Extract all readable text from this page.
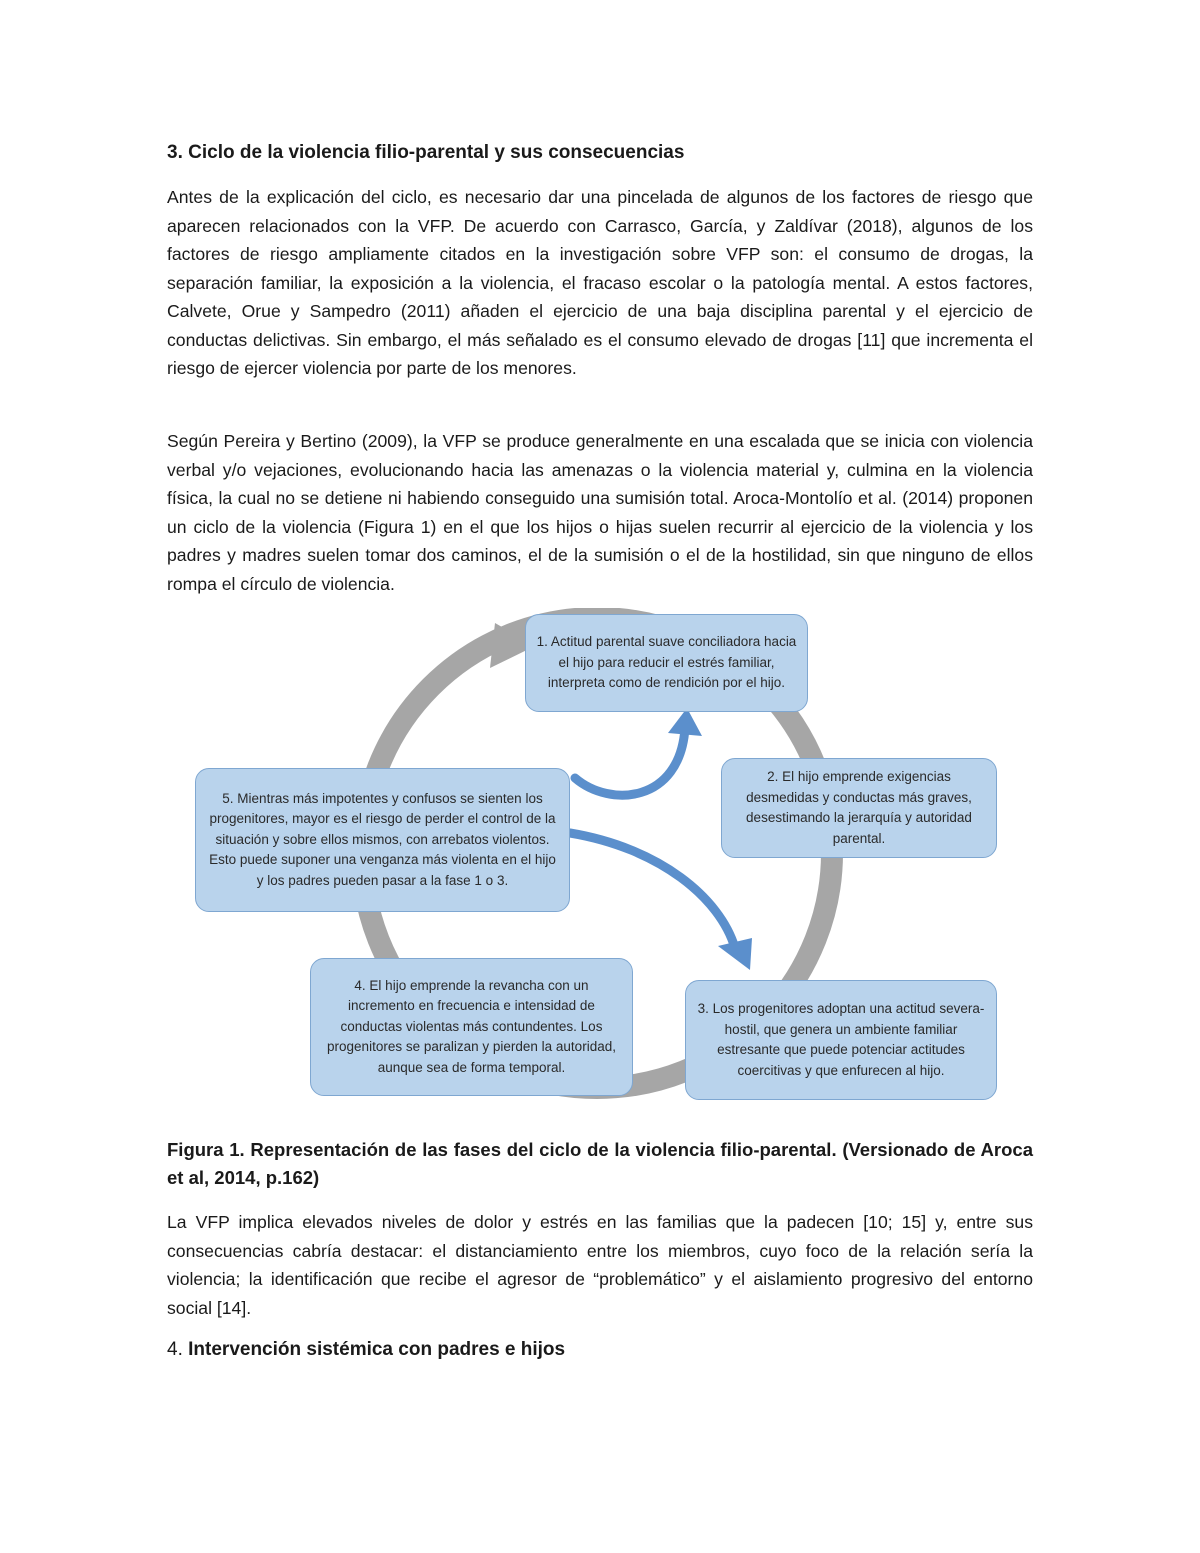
3. Ciclo de la violencia filio-parental y sus consecuencias

Antes de la explicación del ciclo, es necesario dar una pincelada de algunos de los factores de riesgo que aparecen relacionados con la VFP. De acuerdo con Carrasco, García, y Zaldívar (2018), algunos de los factores de riesgo ampliamente citados en la investigación sobre VFP son: el consumo de drogas, la separación familiar, la exposición a la violencia, el fracaso escolar o la patología mental. A estos factores, Calvete, Orue y Sampedro (2011) añaden el ejercicio de una baja disciplina parental y el ejercicio de conductas delictivas. Sin embargo, el más señalado es el consumo elevado de drogas [11] que incrementa el riesgo de ejercer violencia por parte de los menores.

Según Pereira y Bertino (2009), la VFP se produce generalmente en una escalada que se inicia con violencia verbal y/o vejaciones, evolucionando hacia las amenazas o la violencia material y, culmina en la violencia física, la cual no se detiene ni habiendo conseguido una sumisión total. Aroca-Montolío et al. (2014) proponen un ciclo de la violencia (Figura 1) en el que los hijos o hijas suelen recurrir al ejercicio de la violencia y los padres y madres suelen tomar dos caminos, el de la sumisión o el de la hostilidad, sin que ninguno de ellos rompa el círculo de violencia.

1. Actitud parental suave conciliadora hacia el hijo para reducir el estrés familiar, interpreta como de rendición por el hijo.
2. El hijo emprende exigencias desmedidas y conductas más graves, desestimando la jerarquía y autoridad parental.
3. Los progenitores adoptan una actitud severa-hostil, que genera un ambiente familiar estresante que puede potenciar actitudes coercitivas y que enfurecen al hijo.
4. El hijo emprende la revancha con un incremento en frecuencia e intensidad de conductas violentas más contundentes. Los progenitores se paralizan y pierden la autoridad, aunque sea de forma temporal.
5. Mientras más impotentes y confusos se sienten los progenitores, mayor es el riesgo de perder el control de la situación y sobre ellos mismos, con arrebatos violentos. Esto puede suponer una venganza más violenta en el hijo y los padres pueden pasar a la fase 1 o 3.

Figura 1. Representación de las fases del ciclo de la violencia filio-parental. (Versionado de Aroca et al, 2014, p.162)

La VFP implica elevados niveles de dolor y estrés en las familias que la padecen [10; 15] y, entre sus consecuencias cabría destacar: el distanciamiento entre los miembros, cuyo foco de la relación sería la violencia; la identificación que recibe el agresor de “problemático” y el aislamiento progresivo del entorno social [14].

4. Intervención sistémica con padres e hijos
